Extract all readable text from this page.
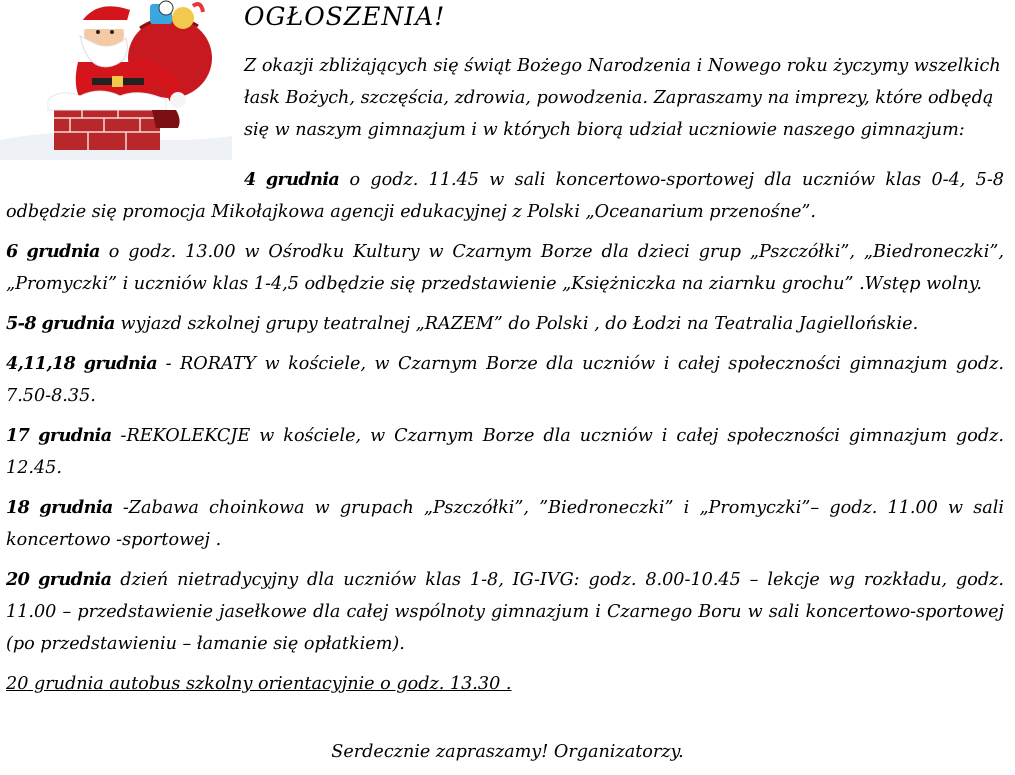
OGŁOSZENIA!

Z okazji zbliżających się świąt Bożego Narodzenia i Nowego roku życzymy wszelkich łask Bożych, szczęścia, zdrowia, powodzenia. Zapraszamy na imprezy, które odbędą się w naszym gimnazjum i w których biorą udział uczniowie naszego gimnazjum:

4 grudnia o godz. 11.45 w sali koncertowo-sportowej dla uczniów klas 0-4, 5-8 odbędzie się promocja Mikołajkowa agencji edukacyjnej z Polski „Oceanarium przenośne”.

6 grudnia o godz. 13.00 w Ośrodku Kultury w Czarnym Borze dla dzieci grup „Pszczółki”, „Biedroneczki”, „Promyczki” i uczniów klas 1-4,5 odbędzie się przedstawienie „Księżniczka na ziarnku grochu” .Wstęp wolny.

5-8 grudnia wyjazd szkolnej grupy teatralnej „RAZEM” do Polski , do Łodzi na Teatralia Jagiellońskie.

4,11,18 grudnia - RORATY w kościele, w Czarnym Borze dla uczniów i całej społeczności gimnazjum godz. 7.50-8.35.

17 grudnia -REKOLEKCJE w kościele, w Czarnym Borze dla uczniów i całej społeczności gimnazjum godz. 12.45.

18 grudnia -Zabawa choinkowa w grupach „Pszczółki”, ”Biedroneczki” i „Promyczki”– godz. 11.00 w sali koncertowo -sportowej .

20 grudnia dzień nietradycyjny dla uczniów klas 1-8, IG-IVG: godz. 8.00-10.45 – lekcje wg rozkładu, godz. 11.00 – przedstawienie jasełkowe dla całej wspólnoty gimnazjum i Czarnego Boru w sali koncertowo-sportowej (po przedstawieniu – łamanie się opłatkiem).

20 grudnia autobus szkolny orientacyjnie o godz. 13.30 .

Serdecznie zapraszamy! Organizatorzy.
